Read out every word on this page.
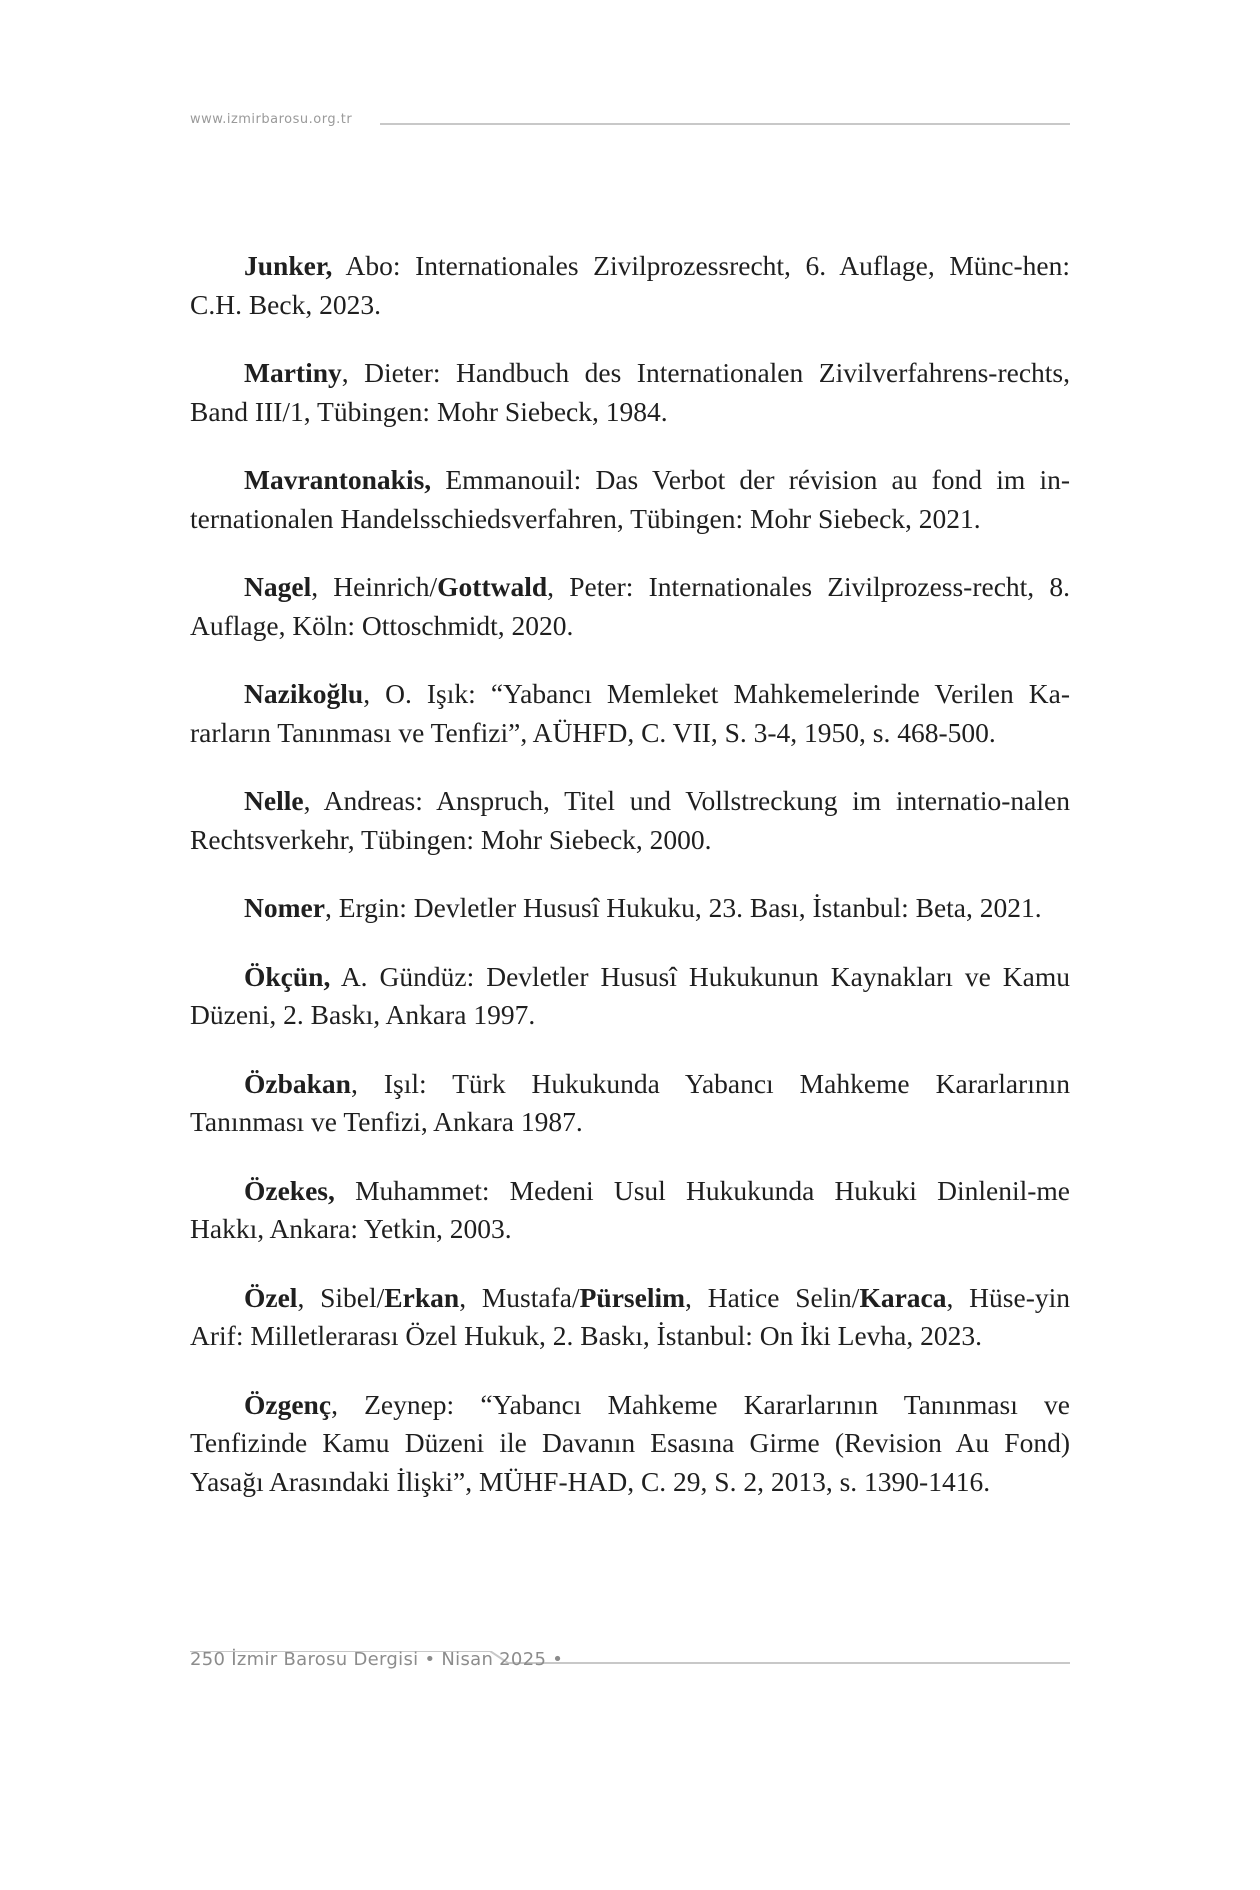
www.izmirbarosu.org.tr

Junker, Abo: Internationales Zivilprozessrecht, 6. Auflage, Münc-hen: C.H. Beck, 2023.

Martiny, Dieter: Handbuch des Internationalen Zivilverfahrens-rechts, Band III/1, Tübingen: Mohr Siebeck, 1984.

Mavrantonakis, Emmanouil: Das Verbot der révision au fond im in-ternationalen Handelsschiedsverfahren, Tübingen: Mohr Siebeck, 2021.

Nagel, Heinrich/Gottwald, Peter: Internationales Zivilprozess-recht, 8. Auflage, Köln: Ottoschmidt, 2020.

Nazikoğlu, O. Işık: “Yabancı Memleket Mahkemelerinde Verilen Ka-rarların Tanınması ve Tenfizi”, AÜHFD, C. VII, S. 3-4, 1950, s. 468-500.

Nelle, Andreas: Anspruch, Titel und Vollstreckung im internatio-nalen Rechtsverkehr, Tübingen: Mohr Siebeck, 2000.

Nomer, Ergin: Devletler Hususî Hukuku, 23. Bası, İstanbul: Beta, 2021.

Ökçün, A. Gündüz: Devletler Hususî Hukukunun Kaynakları ve Kamu Düzeni, 2. Baskı, Ankara 1997.

Özbakan, Işıl: Türk Hukukunda Yabancı Mahkeme Kararlarının Tanınması ve Tenfizi, Ankara 1987.

Özekes, Muhammet: Medeni Usul Hukukunda Hukuki Dinlenil-me Hakkı, Ankara: Yetkin, 2003.

Özel, Sibel/Erkan, Mustafa/Pürselim, Hatice Selin/Karaca, Hüse-yin Arif: Milletlerarası Özel Hukuk, 2. Baskı, İstanbul: On İki Levha, 2023.

Özgenç, Zeynep: “Yabancı Mahkeme Kararlarının Tanınması ve Tenfizinde Kamu Düzeni ile Davanın Esasına Girme (Revision Au Fond) Yasağı Arasındaki İlişki”, MÜHF-HAD, C. 29, S. 2, 2013, s. 1390-1416.

250 İzmir Barosu Dergisi • Nisan 2025 •
